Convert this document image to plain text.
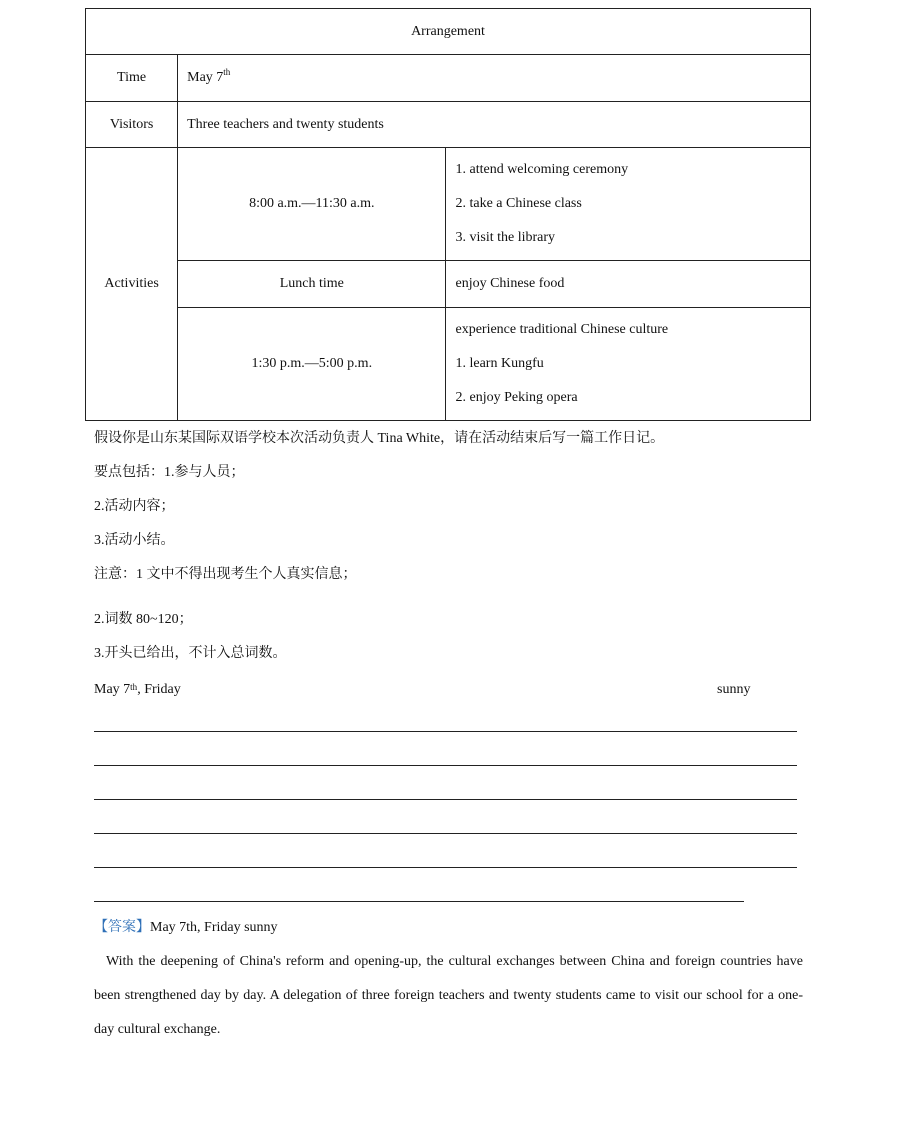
Arrangement		
Time	May 7th
Visitors	Three teachers and twenty students	
Activities	8:00 a.m.—11:30 a.m.	1. attend welcoming ceremony
2. take a Chinese class
3. visit the library

	Lunch time	enjoy Chinese food
	1:30 p.m.—5:00 p.m.	experience traditional Chinese culture
1. learn Kungfu
2. enjoy Peking opera
假设你是山东某国际双语学校本次活动负责人 Tina White，请在活动结束后写一篇工作日记。
要点包括：1.参与人员；
2.活动内容；
3.活动小结。
注意：1 文中不得出现考生个人真实信息；
2.词数 80~120；
3.开头已给出，不计入总词数。
May 7th, Friday	sunny
【答案】May 7th, Friday sunny
With the deepening of China's reform and opening-up, the cultural exchanges between China and foreign countries have been strengthened day by day. A delegation of three foreign teachers and twenty students came to visit our school for a one-day cultural exchange.
